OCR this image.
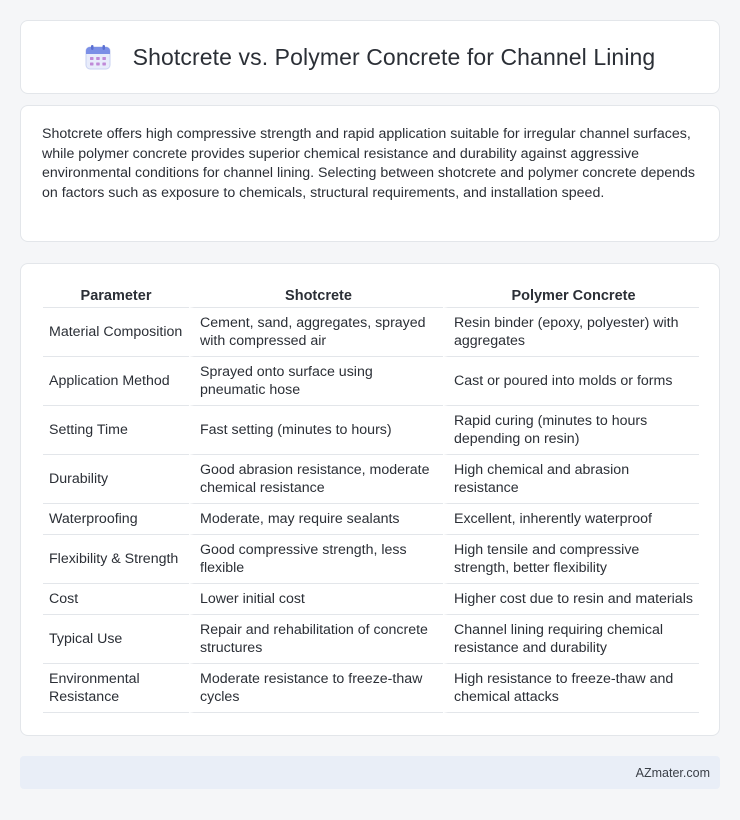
Shotcrete vs. Polymer Concrete for Channel Lining

Shotcrete offers high compressive strength and rapid application suitable for irregular channel surfaces, while polymer concrete provides superior chemical resistance and durability against aggressive environmental conditions for channel lining. Selecting between shotcrete and polymer concrete depends on factors such as exposure to chemicals, structural requirements, and installation speed.

Parameter	Shotcrete	Polymer Concrete
Material Composition	Cement, sand, aggregates, sprayed with compressed air	Resin binder (epoxy, polyester) with aggregates
Application Method	Sprayed onto surface using pneumatic hose	Cast or poured into molds or forms
Setting Time	Fast setting (minutes to hours)	Rapid curing (minutes to hours depending on resin)
Durability	Good abrasion resistance, moderate chemical resistance	High chemical and abrasion resistance
Waterproofing	Moderate, may require sealants	Excellent, inherently waterproof
Flexibility & Strength	Good compressive strength, less flexible	High tensile and compressive strength, better flexibility
Cost	Lower initial cost	Higher cost due to resin and materials
Typical Use	Repair and rehabilitation of concrete structures	Channel lining requiring chemical resistance and durability
Environmental Resistance	Moderate resistance to freeze-thaw cycles	High resistance to freeze-thaw and chemical attacks
AZmater.com
